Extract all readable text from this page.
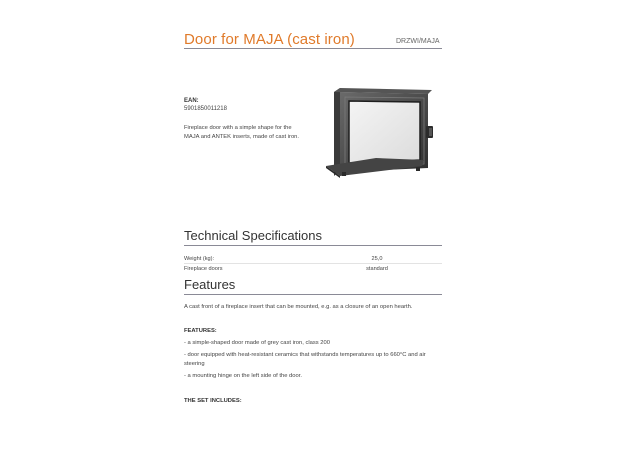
Door for MAJA (cast iron)	DRZWI/MAJA
EAN:
5901850011218
Fireplace door with a simple shape for the MAJA and ANTEK inserts, made of cast iron.
Technical Specifications
Weight (kg):	25,0
Fireplace doors	standard
Features
A cast front of a fireplace insert that can be mounted, e.g. as a closure of an open hearth.
FEATURES:
- a simple-shaped door made of grey cast iron, class 200
- door equipped with heat-resistant ceramics that withstands temperatures up to 660°C and air steering
- a mounting hinge on the left side of the door.
THE SET INCLUDES:
